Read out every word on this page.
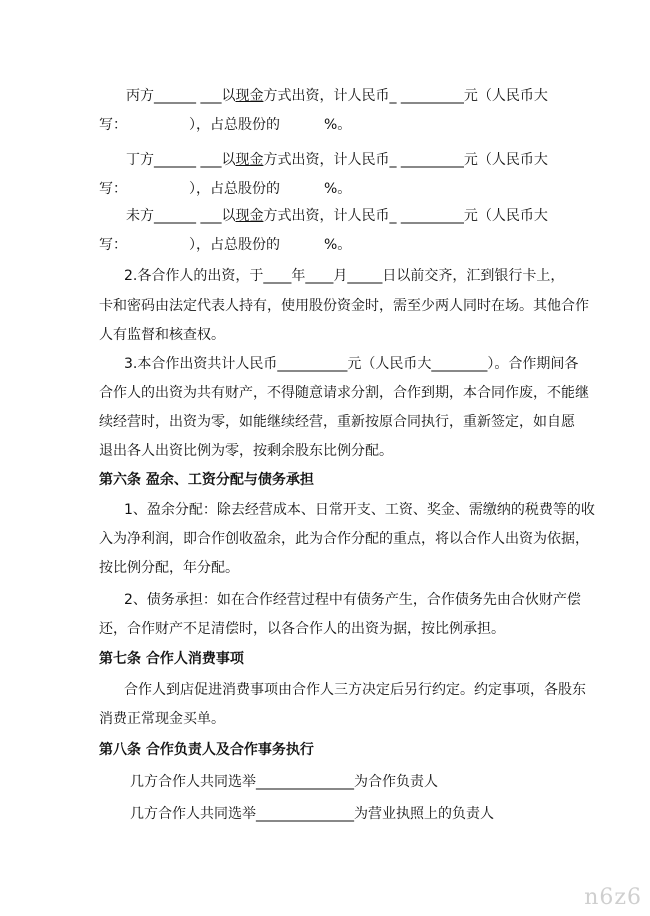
丙方______ ___以现金方式出资，计人民币_ _________元（人民币大
写：	），占总股份的	%。
丁方______ ___以现金方式出资，计人民币_ _________元（人民币大
写：	），占总股份的	%。
未方______ ___以现金方式出资，计人民币_ _________元（人民币大
写：	），占总股份的	%。
2.各合作人的出资，于____年____月_____日以前交齐，汇到银行卡上，
卡和密码由法定代表人持有，使用股份资金时，需至少两人同时在场。其他合作
人有监督和核查权。
3.本合作出资共计人民币__________元（人民币大________）。合作期间各
合作人的出资为共有财产，不得随意请求分割，合作到期，本合同作废，不能继
续经营时，出资为零，如能继续经营，重新按原合同执行，重新签定，如自愿
退出各人出资比例为零，按剩余股东比例分配。
第六条 盈余、工资分配与债务承担
1、盈余分配：除去经营成本、日常开支、工资、奖金、需缴纳的税费等的收
入为净利润，即合作创收盈余，此为合作分配的重点，将以合作人出资为依据，
按比例分配，年分配。
2、债务承担：如在合作经营过程中有债务产生，合作债务先由合伙财产偿
还，合作财产不足清偿时，以各合作人的出资为据，按比例承担。
第七条 合作人消费事项
合作人到店促进消费事项由合作人三方决定后另行约定。约定事项，各股东
消费正常现金买单。
第八条 合作负责人及合作事务执行
几方合作人共同选举______________为合作负责人
几方合作人共同选举______________为营业执照上的负责人
n6z6
